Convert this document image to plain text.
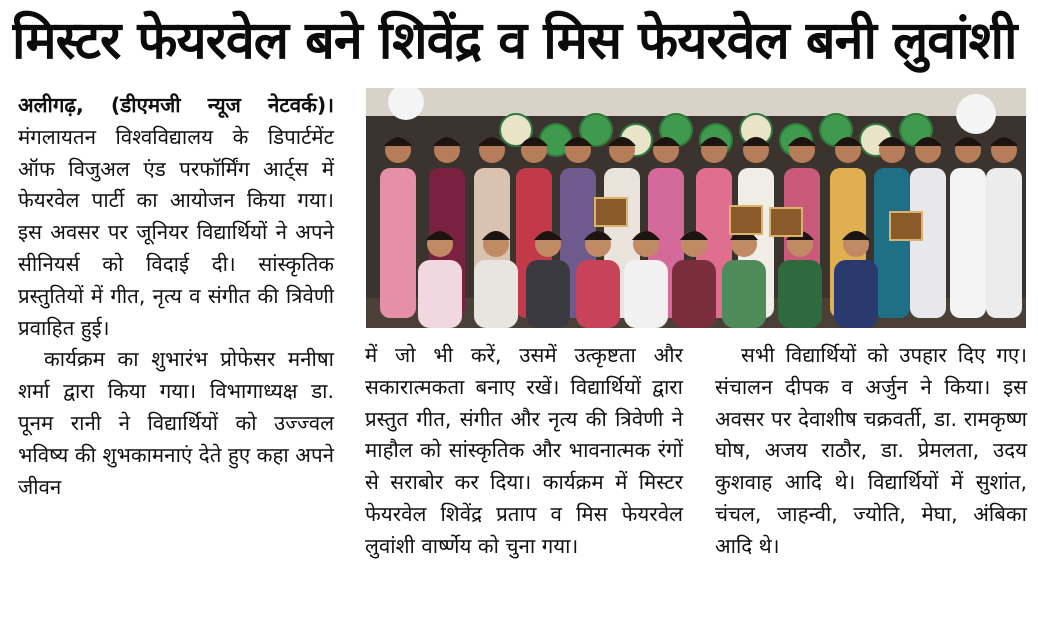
मिस्टर फेयरवेल बने शिवेंद्र व मिस फेयरवेल बनी लुवांशी

अलीगढ़, (डीएमजी न्यूज नेटवर्क)। मंगलायतन विश्वविद्यालय के डिपार्टमेंट ऑफ विजुअल एंड परफॉर्मिंग आर्ट्स में फेयरवेल पार्टी का आयोजन किया गया। इस अवसर पर जूनियर विद्यार्थियों ने अपने सीनियर्स को विदाई दी। सांस्कृतिक प्रस्तुतियों में गीत, नृत्य व संगीत की त्रिवेणी प्रवाहित हुई।

कार्यक्रम का शुभारंभ प्रोफेसर मनीषा शर्मा द्वारा किया गया। विभागाध्यक्ष डा. पूनम रानी ने विद्यार्थियों को उज्ज्वल भविष्य की शुभकामनाएं देते हुए कहा अपने जीवन

में जो भी करें, उसमें उत्कृष्टता और सकारात्मकता बनाए रखें। विद्यार्थियों द्वारा प्रस्तुत गीत, संगीत और नृत्य की त्रिवेणी ने माहौल को सांस्कृतिक और भावनात्मक रंगों से सराबोर कर दिया। कार्यक्रम में मिस्टर फेयरवेल शिवेंद्र प्रताप व मिस फेयरवेल लुवांशी वार्ष्णेय को चुना गया।

सभी विद्यार्थियों को उपहार दिए गए। संचालन दीपक व अर्जुन ने किया। इस अवसर पर देवाशीष चक्रवर्ती, डा. रामकृष्ण घोष, अजय राठौर, डा. प्रेमलता, उदय कुशवाह आदि थे। विद्यार्थियों में सुशांत, चंचल, जाहन्वी, ज्योति, मेघा, अंबिका आदि थे।
